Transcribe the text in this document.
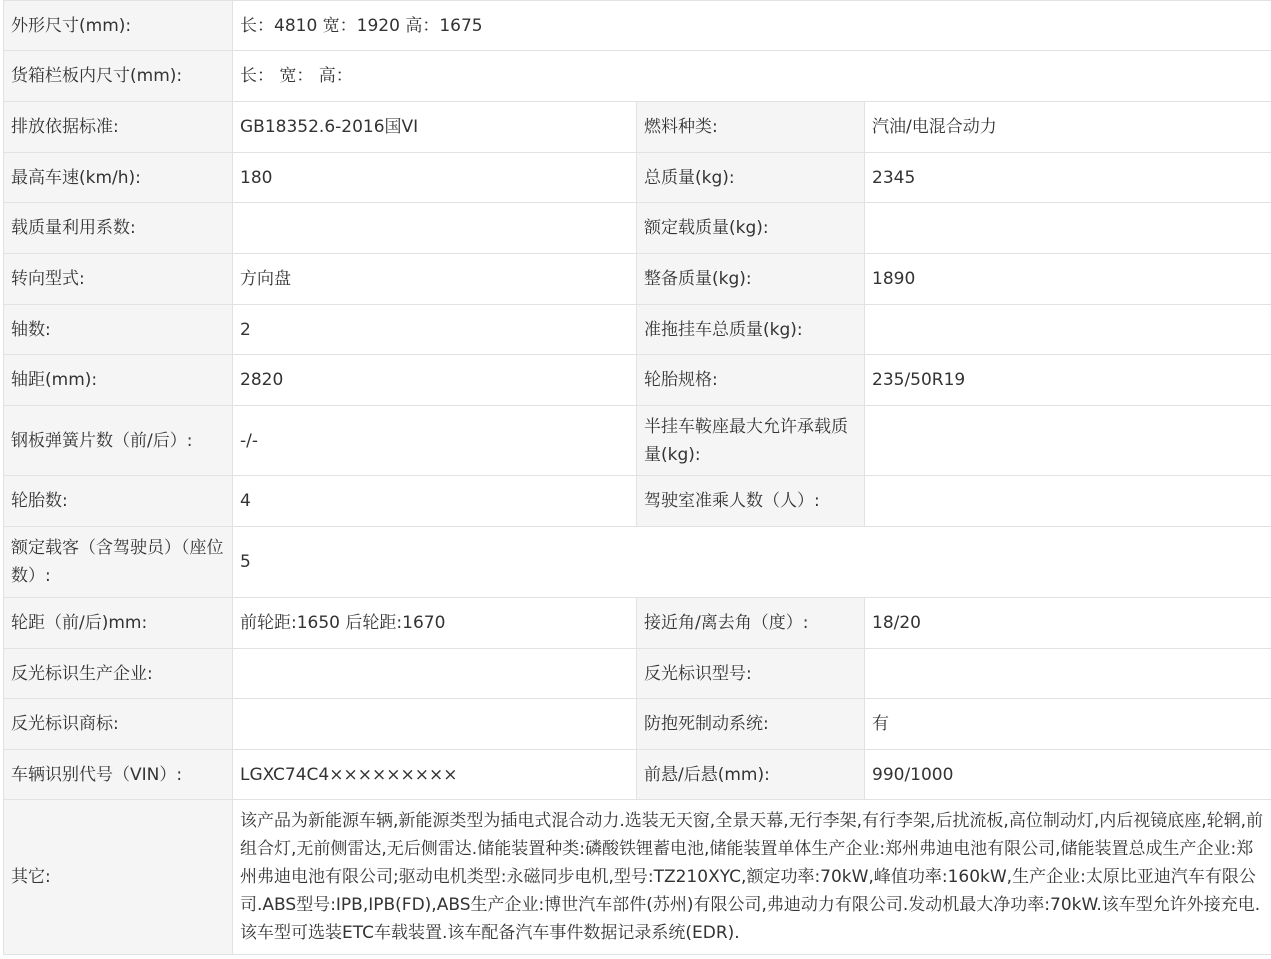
外形尺寸(mm):	长：4810 宽：1920 高：1675		
货箱栏板内尺寸(mm):	长： 宽： 高：		
排放依据标准:	GB18352.6-2016国VI	燃料种类:	汽油/电混合动力
最高车速(km/h):	180	总质量(kg):	2345
载质量利用系数:		额定载质量(kg):	
转向型式:	方向盘	整备质量(kg):	1890
轴数:	2	准拖挂车总质量(kg):	
轴距(mm):	2820	轮胎规格:	235/50R19
钢板弹簧片数（前/后）:	-/-	半挂车鞍座最大允许承载质量(kg):	
轮胎数:	4	驾驶室准乘人数（人）:	
额定载客（含驾驶员）（座位数）:	5		
轮距（前/后)mm:	前轮距:1650 后轮距:1670	接近角/离去角（度）:	18/20
反光标识生产企业:		反光标识型号:	
反光标识商标:		防抱死制动系统:	有
车辆识别代号（VIN）:	LGXC74C4×××××××××	前悬/后悬(mm):	990/1000
其它:	该产品为新能源车辆,新能源类型为插电式混合动力.选装无天窗,全景天幕,无行李架,有行李架,后扰流板,高位制动灯,内后视镜底座,轮辋,前组合灯,无前侧雷达,无后侧雷达.储能装置种类:磷酸铁锂蓄电池,储能装置单体生产企业:郑州弗迪电池有限公司,储能装置总成生产企业:郑州弗迪电池有限公司;驱动电机类型:永磁同步电机,型号:TZ210XYC,额定功率:70kW,峰值功率:160kW,生产企业:太原比亚迪汽车有限公司.ABS型号:IPB,IPB(FD),ABS生产企业:博世汽车部件(苏州)有限公司,弗迪动力有限公司.发动机最大净功率:70kW.该车型允许外接充电.该车型可选装ETC车载装置.该车配备汽车事件数据记录系统(EDR).		
